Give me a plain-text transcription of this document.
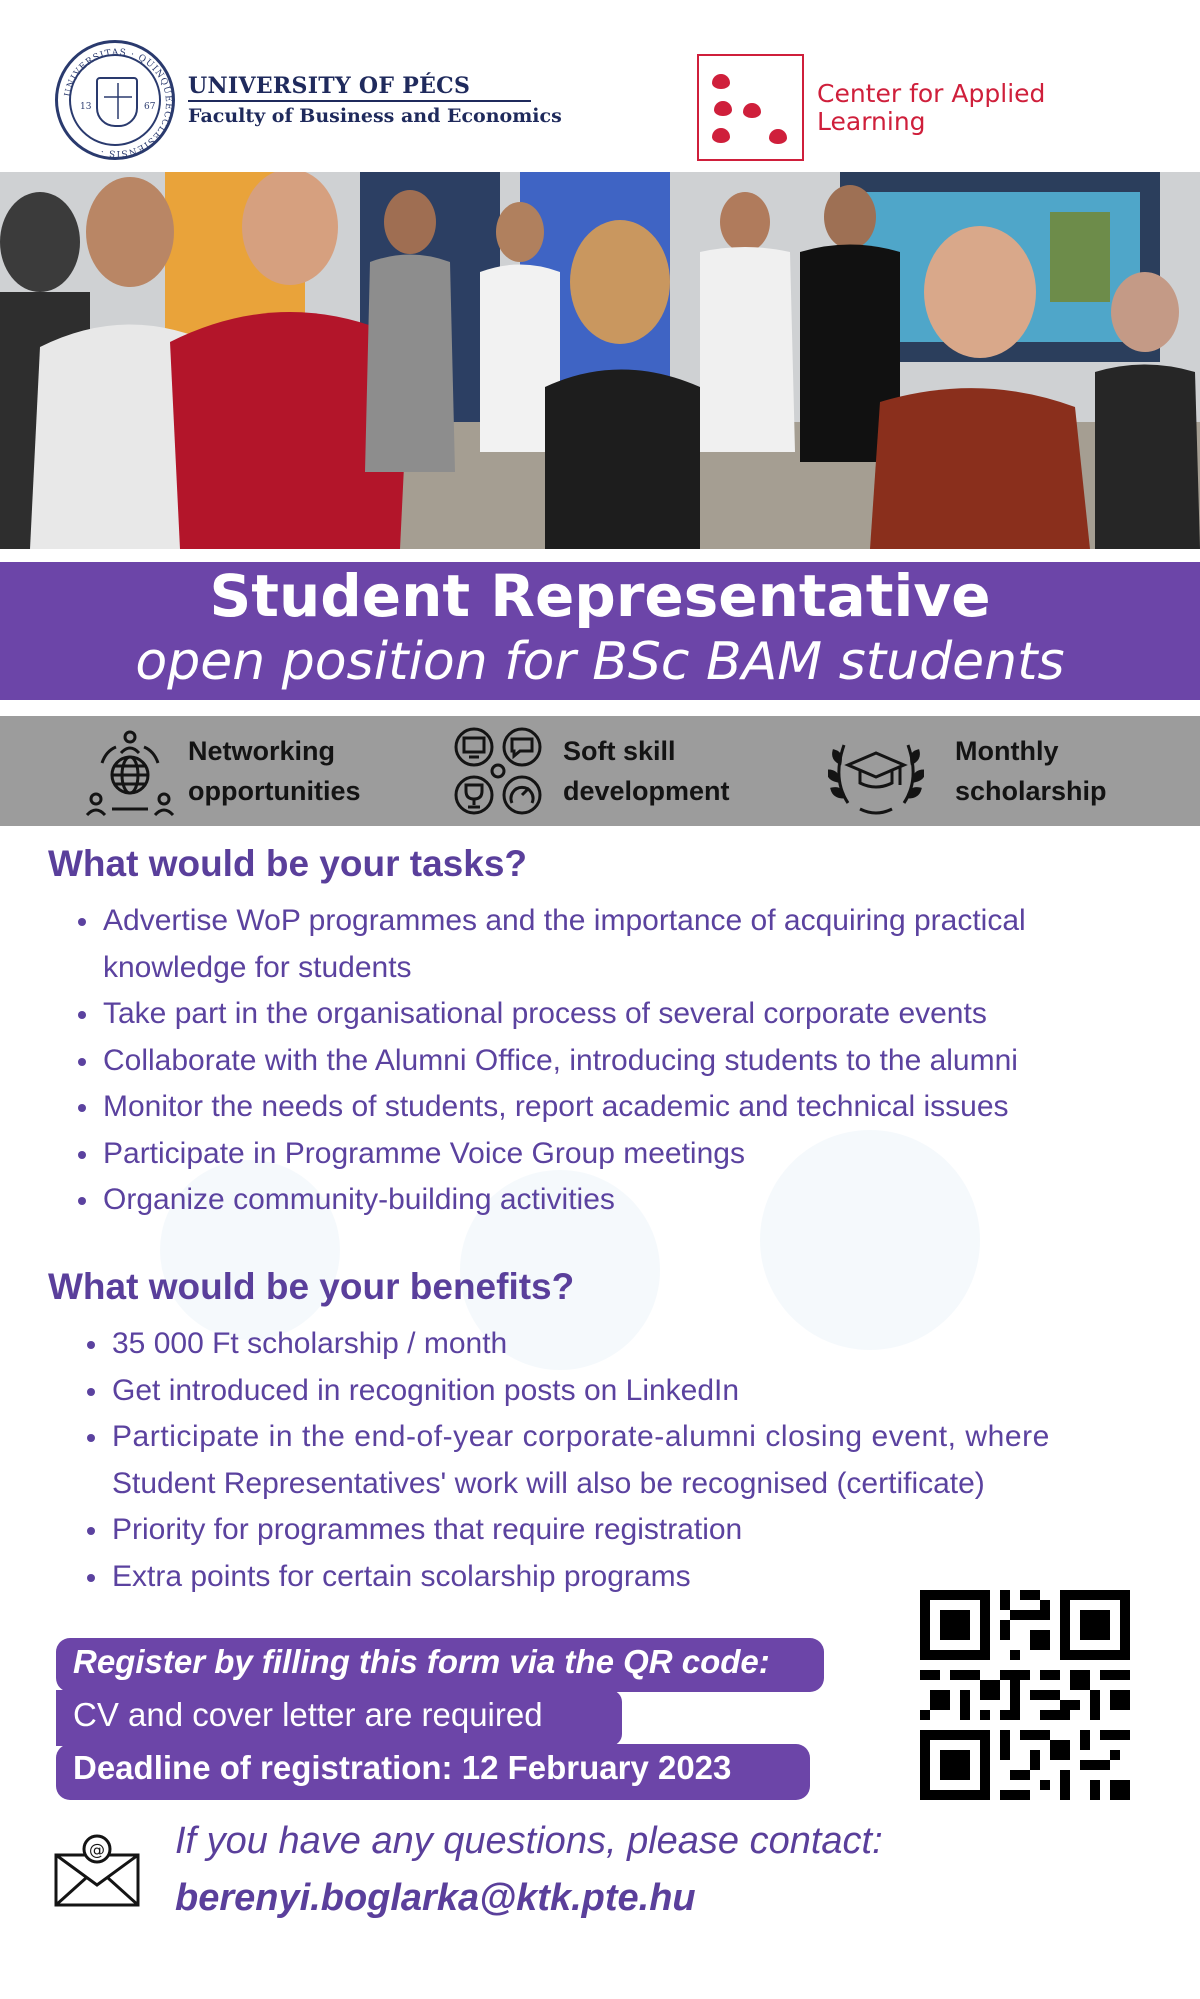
UNIVERSITAS · QUINQUEECCLESIENSIS ·
13	67
UNIVERSITY OF PÉCS
Faculty of Business and Economics
Center for Applied
Learning
Student Representative
open position for BSc BAM students
Networking
opportunities
Soft skill
development
Monthly
scholarship
What would be your tasks?
Advertise WoP programmes and the importance of acquiring practical
knowledge for students
Take part in the organisational process of several corporate events
Collaborate with the Alumni Office, introducing students to the alumni
Monitor the needs of students, report academic and technical issues
Participate in Programme Voice Group meetings
Organize community-building activities
What would be your benefits?
35 000 Ft scholarship / month
Get introduced in recognition posts on LinkedIn
Participate in the end-of-year corporate-alumni closing event, where
Student Representatives' work will also be recognised (certificate)
Priority for programmes that require registration
Extra points for certain scolarship programs
Register by filling this form via the QR code:
CV and cover letter are required
Deadline of registration: 12 February 2023
@ If you have any questions, please contact:
berenyi.boglarka@ktk.pte.hu
